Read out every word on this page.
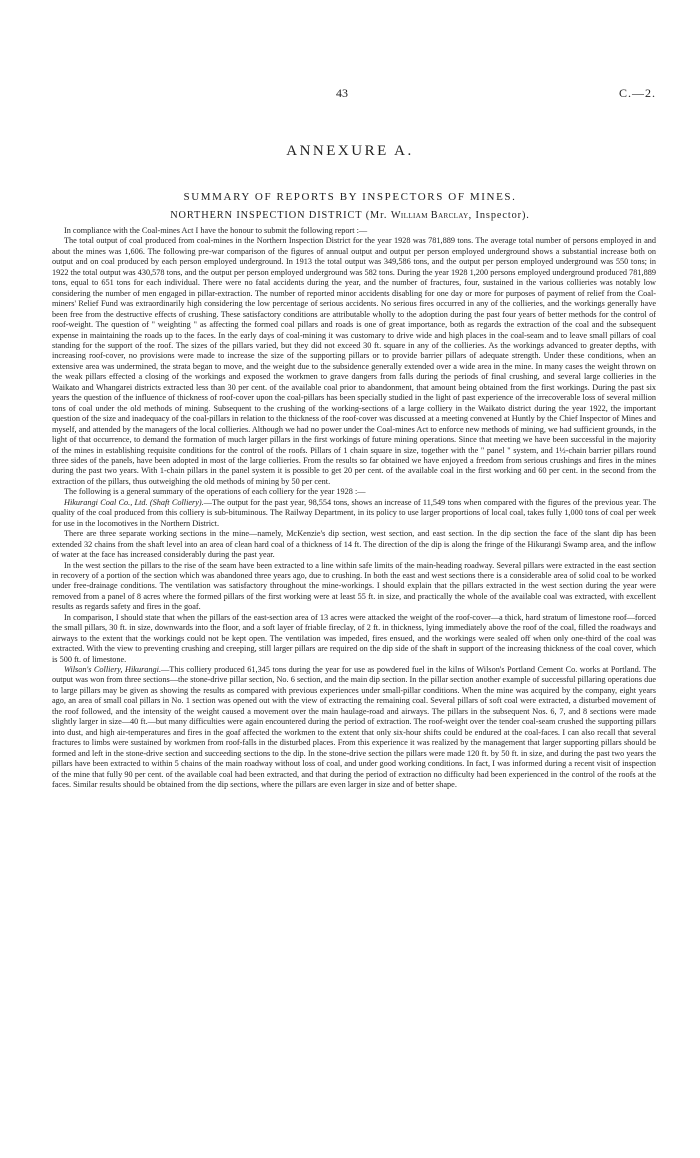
43	C.—2.
ANNEXURE A.
SUMMARY OF REPORTS BY INSPECTORS OF MINES.
NORTHERN INSPECTION DISTRICT (Mr. William Barclay, Inspector).

In compliance with the Coal-mines Act I have the honour to submit the following report :—

The total output of coal produced from coal-mines in the Northern Inspection District for the year 1928 was 781,889 tons. The average total number of persons employed in and about the mines was 1,606. The following pre-war comparison of the figures of annual output and output per person employed underground shows a substantial increase both on output and on coal produced by each person employed underground. In 1913 the total output was 349,586 tons, and the output per person employed underground was 550 tons; in 1922 the total output was 430,578 tons, and the output per person employed underground was 582 tons. During the year 1928 1,200 persons employed underground produced 781,889 tons, equal to 651 tons for each individual. There were no fatal accidents during the year, and the number of fractures, four, sustained in the various collieries was notably low considering the number of men engaged in pillar-extraction. The number of reported minor accidents disabling for one day or more for purposes of payment of relief from the Coal-miners' Relief Fund was extraordinarily high considering the low percentage of serious accidents. No serious fires occurred in any of the collieries, and the workings generally have been free from the destructive effects of crushing. These satisfactory conditions are attributable wholly to the adoption during the past four years of better methods for the control of roof-weight. The question of " weighting " as affecting the formed coal pillars and roads is one of great importance, both as regards the extraction of the coal and the subsequent expense in maintaining the roads up to the faces. In the early days of coal-mining it was customary to drive wide and high places in the coal-seam and to leave small pillars of coal standing for the support of the roof. The sizes of the pillars varied, but they did not exceed 30 ft. square in any of the collieries. As the workings advanced to greater depths, with increasing roof-cover, no provisions were made to increase the size of the supporting pillars or to provide barrier pillars of adequate strength. Under these conditions, when an extensive area was undermined, the strata began to move, and the weight due to the subsidence generally extended over a wide area in the mine. In many cases the weight thrown on the weak pillars effected a closing of the workings and exposed the workmen to grave dangers from falls during the periods of final crushing, and several large collieries in the Waikato and Whangarei districts extracted less than 30 per cent. of the available coal prior to abandonment, that amount being obtained from the first workings. During the past six years the question of the influence of thickness of roof-cover upon the coal-pillars has been specially studied in the light of past experience of the irrecoverable loss of several million tons of coal under the old methods of mining. Subsequent to the crushing of the working-sections of a large colliery in the Waikato district during the year 1922, the important question of the size and inadequacy of the coal-pillars in relation to the thickness of the roof-cover was discussed at a meeting convened at Huntly by the Chief Inspector of Mines and myself, and attended by the managers of the local collieries. Although we had no power under the Coal-mines Act to enforce new methods of mining, we had sufficient grounds, in the light of that occurrence, to demand the formation of much larger pillars in the first workings of future mining operations. Since that meeting we have been successful in the majority of the mines in establishing requisite conditions for the control of the roofs. Pillars of 1 chain square in size, together with the " panel " system, and 1½-chain barrier pillars round three sides of the panels, have been adopted in most of the large collieries. From the results so far obtained we have enjoyed a freedom from serious crushings and fires in the mines during the past two years. With 1-chain pillars in the panel system it is possible to get 20 per cent. of the available coal in the first working and 60 per cent. in the second from the extraction of the pillars, thus outweighing the old methods of mining by 50 per cent.

The following is a general summary of the operations of each colliery for the year 1928 :—

Hikurangi Coal Co., Ltd. (Shaft Colliery).—The output for the past year, 98,554 tons, shows an increase of 11,549 tons when compared with the figures of the previous year. The quality of the coal produced from this colliery is sub-bituminous. The Railway Department, in its policy to use larger proportions of local coal, takes fully 1,000 tons of coal per week for use in the locomotives in the Northern District.

There are three separate working sections in the mine—namely, McKenzie's dip section, west section, and east section. In the dip section the face of the slant dip has been extended 32 chains from the shaft level into an area of clean hard coal of a thickness of 14 ft. The direction of the dip is along the fringe of the Hikurangi Swamp area, and the inflow of water at the face has increased considerably during the past year.

In the west section the pillars to the rise of the seam have been extracted to a line within safe limits of the main-heading roadway. Several pillars were extracted in the east section in recovery of a portion of the section which was abandoned three years ago, due to crushing. In both the east and west sections there is a considerable area of solid coal to be worked under free-drainage conditions. The ventilation was satisfactory throughout the mine-workings. I should explain that the pillars extracted in the west section during the year were removed from a panel of 8 acres where the formed pillars of the first working were at least 55 ft. in size, and practically the whole of the available coal was extracted, with excellent results as regards safety and fires in the goaf.

In comparison, I should state that when the pillars of the east-section area of 13 acres were attacked the weight of the roof-cover—a thick, hard stratum of limestone roof—forced the small pillars, 30 ft. in size, downwards into the floor, and a soft layer of friable fireclay, of 2 ft. in thickness, lying immediately above the roof of the coal, filled the roadways and airways to the extent that the workings could not be kept open. The ventilation was impeded, fires ensued, and the workings were sealed off when only one-third of the coal was extracted. With the view to preventing crushing and creeping, still larger pillars are required on the dip side of the shaft in support of the increasing thickness of the coal cover, which is 500 ft. of limestone.

Wilson's Colliery, Hikurangi.—This colliery produced 61,345 tons during the year for use as powdered fuel in the kilns of Wilson's Portland Cement Co. works at Portland. The output was won from three sections—the stone-drive pillar section, No. 6 section, and the main dip section. In the pillar section another example of successful pillaring operations due to large pillars may be given as showing the results as compared with previous experiences under small-pillar conditions. When the mine was acquired by the company, eight years ago, an area of small coal pillars in No. 1 section was opened out with the view of extracting the remaining coal. Several pillars of soft coal were extracted, a disturbed movement of the roof followed, and the intensity of the weight caused a movement over the main haulage-road and airways. The pillars in the subsequent Nos. 6, 7, and 8 sections were made slightly larger in size—40 ft.—but many difficulties were again encountered during the period of extraction. The roof-weight over the tender coal-seam crushed the supporting pillars into dust, and high air-temperatures and fires in the goaf affected the workmen to the extent that only six-hour shifts could be endured at the coal-faces. I can also recall that several fractures to limbs were sustained by workmen from roof-falls in the disturbed places. From this experience it was realized by the management that larger supporting pillars should be formed and left in the stone-drive section and succeeding sections to the dip. In the stone-drive section the pillars were made 120 ft. by 50 ft. in size, and during the past two years the pillars have been extracted to within 5 chains of the main roadway without loss of coal, and under good working conditions. In fact, I was informed during a recent visit of inspection of the mine that fully 90 per cent. of the available coal had been extracted, and that during the period of extraction no difficulty had been experienced in the control of the roofs at the faces. Similar results should be obtained from the dip sections, where the pillars are even larger in size and of better shape.
